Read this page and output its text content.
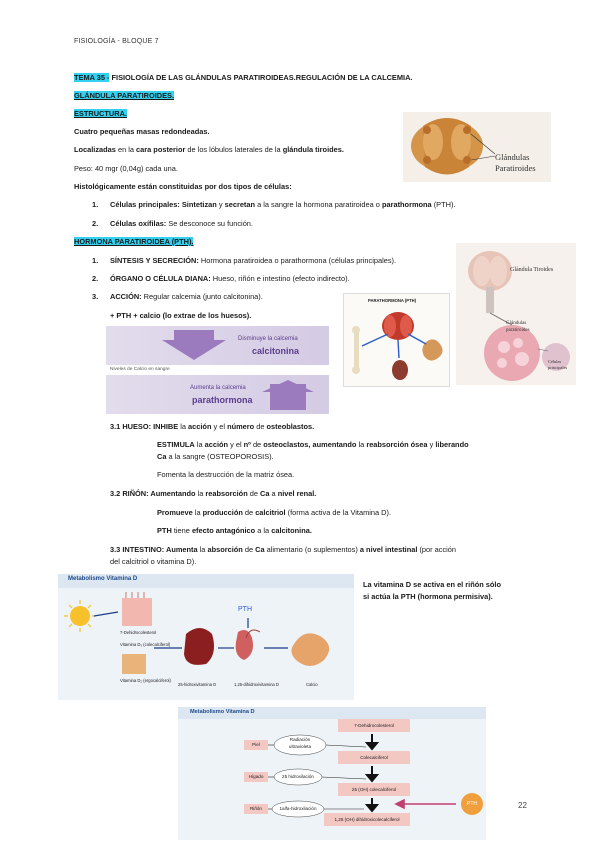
FISIOLOGÍA - BLOQUE 7
TEMA 35 - FISIOLOGÍA DE LAS GLÁNDULAS PARATIROIDEAS.REGULACIÓN DE LA CALCEMIA.
GLÁNDULA PARATIROIDES.
ESTRUCTURA.
Cuatro pequeñas masas redondeadas.
Localizadas en la cara posterior de los lóbulos laterales de la glándula tiroides.
Peso: 40 mgr (0,04g) cada una.
Histológicamente están constituidas por dos tipos de células:
1. Células principales: Sintetizan y secretan a la sangre la hormona paratiroidea o parathormona (PTH).
2. Células oxífilas: Se desconoce su función.
Glándulas
Paratiroides
HORMONA PARATIROIDEA (PTH).
1. SÍNTESIS Y SECRECIÓN: Hormona paratiroidea o parathormona (células principales).
2. ÓRGANO O CÉLULA DIANA: Hueso, riñón e intestino (efecto indirecto).
3. ACCIÓN: Regular calcemia (junto calcitonina).
+ PTH + calcio (lo extrae de los huesos).
Disminuye la calcemia
calcitonina
Niveles de Calcio en sangre
Aumenta la calcemia
parathormona
PARATHORMONA (PTH)
Glándula Tiroides
Glándulas
paratiroides
Células
principales
3.1 HUESO: INHIBE la acción y el número de osteoblastos.
ESTIMULA la acción y el nº de osteoclastos, aumentando la reabsorción ósea y liberando
Ca a la sangre (OSTEOPOROSIS).
Fomenta la destrucción de la matriz ósea.
3.2 RIÑÓN: Aumentando la reabsorción de Ca a nivel renal.
Promueve la producción de calcitriol (forma activa de la Vitamina D).
PTH tiene efecto antagónico a la calcitonina.
3.3 INTESTINO: Aumenta la absorción de Ca alimentario (o suplementos) a nivel intestinal (por acción
del calcitriol o vitamina D).
La vitamina D se activa en el riñón sólo
si actúa la PTH (hormona permisiva).
Metabolismo Vitamina D
PTH
7-Dehidrocolesterol
Vitamina D₃ (colecalciferol)
Vitamina D₂ (ergocalciferol)
25-hidroxivitamina D	1,25-dihidroxivitamina D	Calcio
Metabolismo Vitamina D
Piel
Hígado
Riñón
Radiación
ultravioleta
25 hidroxilación
1alfa-hidroxilación
7-Dehidrocolesterol
Colecalciferol
25 (OH) colecalciferol
1,25 (OH) dihidroxicolecalciferol
PTH	22
